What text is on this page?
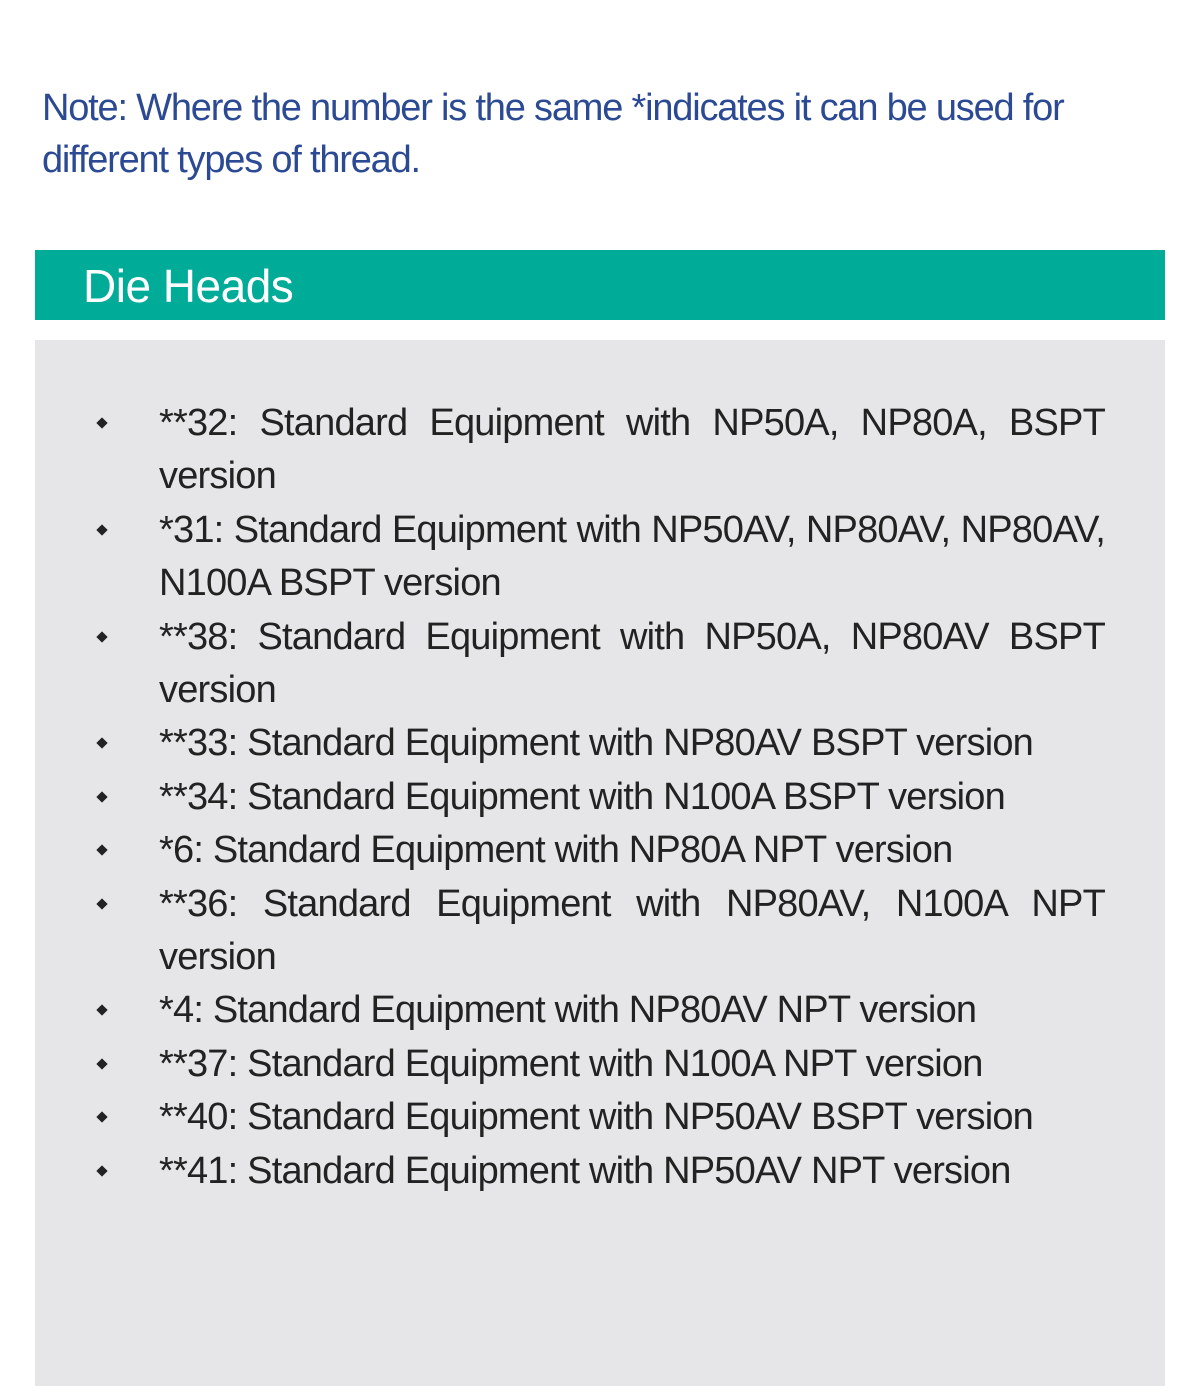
Note: Where the number is the same *indicates it can be used for different types of thread.

Die Heads
**32: Standard Equipment with NP50A, NP80A, BSPT version
*31: Standard Equipment with NP50AV, NP80AV, NP80AV, N100A BSPT version
**38: Standard Equipment with NP50A, NP80AV BSPT version
**33: Standard Equipment with NP80AV BSPT version
**34: Standard Equipment with N100A BSPT version
*6: Standard Equipment with NP80A NPT version
**36: Standard Equipment with NP80AV, N100A NPT version
*4: Standard Equipment with NP80AV NPT version
**37: Standard Equipment with N100A NPT version
**40: Standard Equipment with NP50AV BSPT version
**41: Standard Equipment with NP50AV NPT version
